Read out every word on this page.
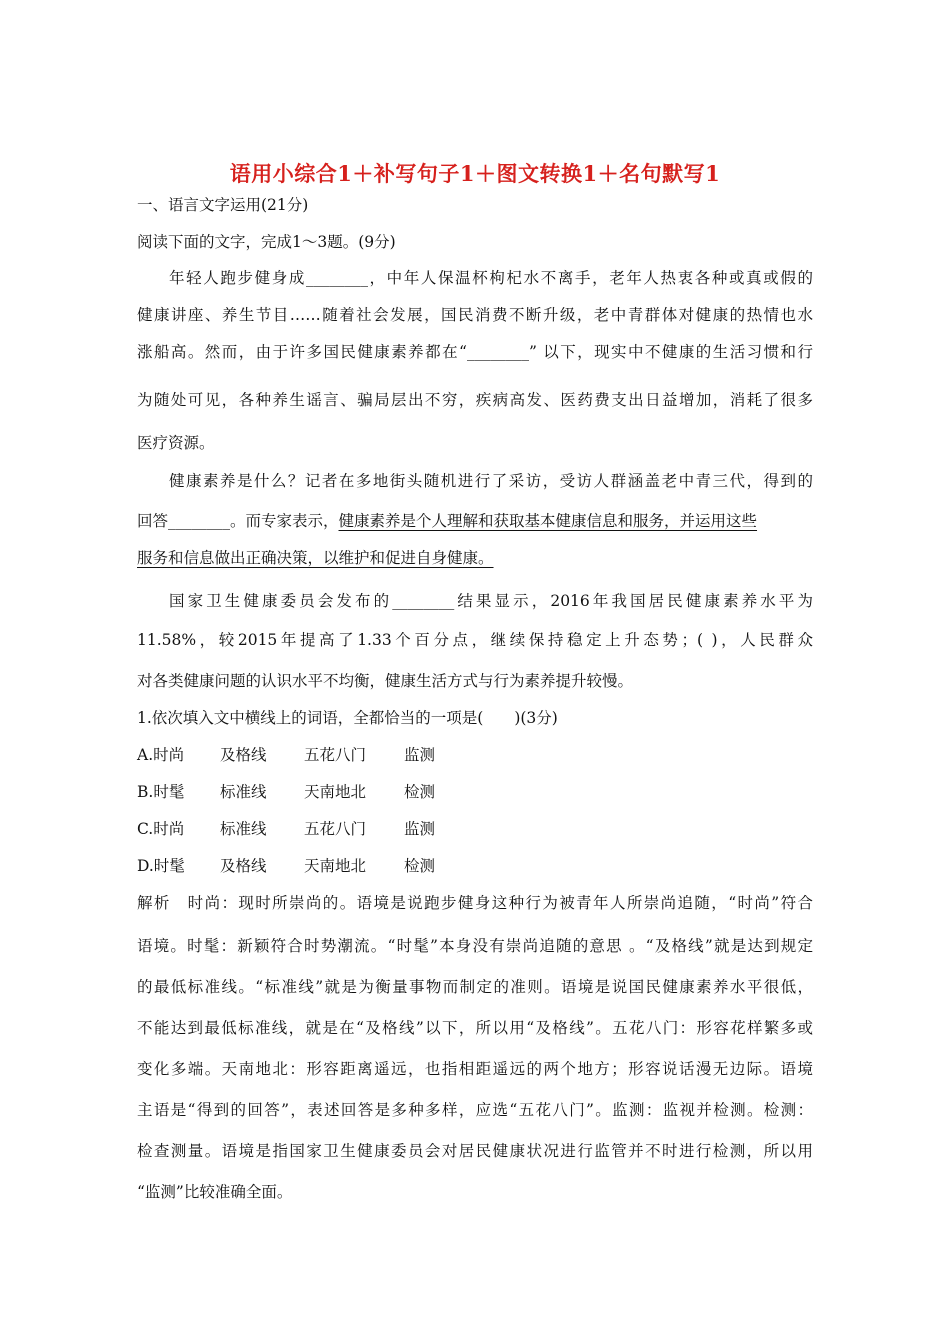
语用小综合1＋补写句子1＋图文转换1＋名句默写1
一、语言文字运用(21分)
阅读下面的文字，完成1～3题。(9分)
年轻人跑步健身成________，中年人保温杯枸杞水不离手，老年人热衷各种或真或假的
健康讲座、养生节目……随着社会发展，国民消费不断升级，老中青群体对健康的热情也水
涨船高。然而，由于许多国民健康素养都在“________” 以下，现实中不健康的生活习惯和行
为随处可见，各种养生谣言、骗局层出不穷，疾病高发、医药费支出日益增加，消耗了很多
医疗资源。
健康素养是什么？记者在多地街头随机进行了采访，受访人群涵盖老中青三代，得到的
回答________。而专家表示，健康素养是个人理解和获取基本健康信息和服务，并运用这些
服务和信息做出正确决策，以维护和促进自身健康。
国家卫生健康委员会发布的________结果显示，2016年我国居民健康素养水平为
11.58%，较2015年提高了1.33个百分点，继续保持稳定上升态势；( )，人民群众
对各类健康问题的认识水平不均衡，健康生活方式与行为素养提升较慢。
1.依次填入文中横线上的词语，全都恰当的一项是(　　)(3分)
A.时尚 及格线 五花八门 监测
B.时髦 标准线 天南地北 检测
C.时尚 标准线 五花八门 监测
D.时髦 及格线 天南地北 检测
解析　时尚：现时所崇尚的。语境是说跑步健身这种行为被青年人所崇尚追随，“时尚”符合
语境。时髦：新颖符合时势潮流。“时髦”本身没有崇尚追随的意思 。“及格线”就是达到规定
的最低标准线。“标准线”就是为衡量事物而制定的准则。语境是说国民健康素养水平很低，
不能达到最低标准线，就是在“及格线”以下，所以用“及格线”。五花八门：形容花样繁多或
变化多端。天南地北：形容距离遥远，也指相距遥远的两个地方；形容说话漫无边际。语境
主语是“得到的回答”，表述回答是多种多样，应选“五花八门”。监测：监视并检测。检测：
检查测量。语境是指国家卫生健康委员会对居民健康状况进行监管并不时进行检测，所以用
“监测”比较准确全面。
